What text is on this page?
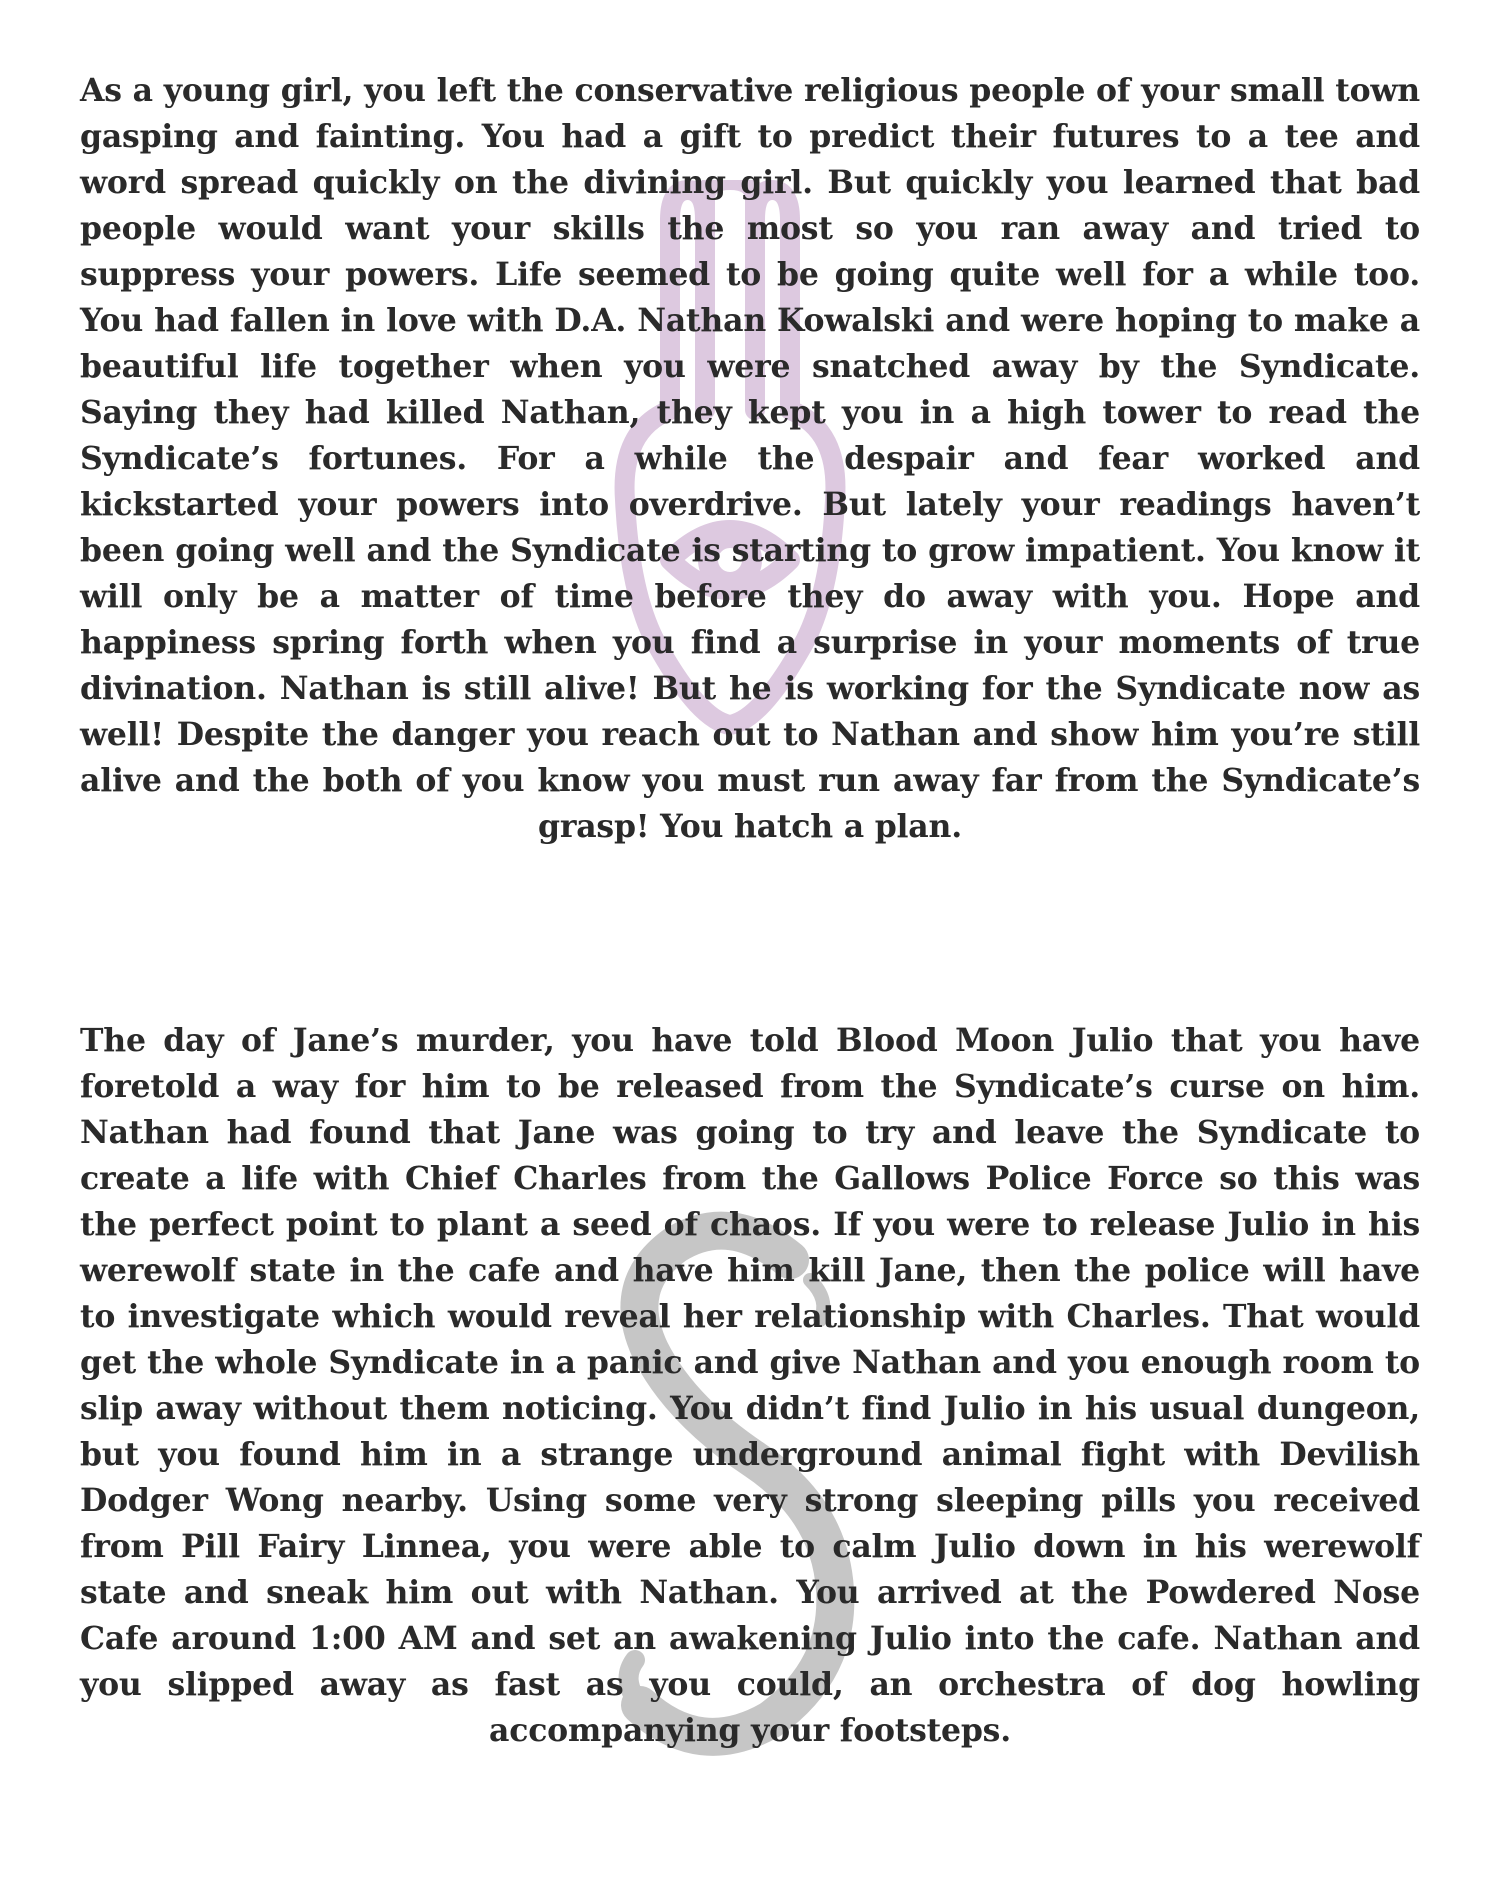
As a young girl, you left the conservative religious people of your small town gasping and fainting. You had a gift to predict their futures to a tee and word spread quickly on the divining girl. But quickly you learned that bad people would want your skills the most so you ran away and tried to suppress your powers. Life seemed to be going quite well for a while too. You had fallen in love with D.A. Nathan Kowalski and were hoping to make a beautiful life together when you were snatched away by the Syndicate. Saying they had killed Nathan, they kept you in a high tower to read the Syndicate’s fortunes. For a while the despair and fear worked and kickstarted your powers into overdrive. But lately your readings haven’t been going well and the Syndicate is starting to grow impatient. You know it will only be a matter of time before they do away with you. Hope and happiness spring forth when you find a surprise in your moments of true divination. Nathan is still alive! But he is working for the Syndicate now as well! Despite the danger you reach out to Nathan and show him you’re still alive and the both of you know you must run away far from the Syndicate’s grasp! You hatch a plan.

The day of Jane’s murder, you have told Blood Moon Julio that you have foretold a way for him to be released from the Syndicate’s curse on him. Nathan had found that Jane was going to try and leave the Syndicate to create a life with Chief Charles from the Gallows Police Force so this was the perfect point to plant a seed of chaos. If you were to release Julio in his werewolf state in the cafe and have him kill Jane, then the police will have to investigate which would reveal her relationship with Charles. That would get the whole Syndicate in a panic and give Nathan and you enough room to slip away without them noticing. You didn’t find Julio in his usual dungeon, but you found him in a strange underground animal fight with Devilish Dodger Wong nearby. Using some very strong sleeping pills you received from Pill Fairy Linnea, you were able to calm Julio down in his werewolf state and sneak him out with Nathan. You arrived at the Powdered Nose Cafe around 1:00 AM and set an awakening Julio into the cafe. Nathan and you slipped away as fast as you could, an orchestra of dog howling accompanying your footsteps.
